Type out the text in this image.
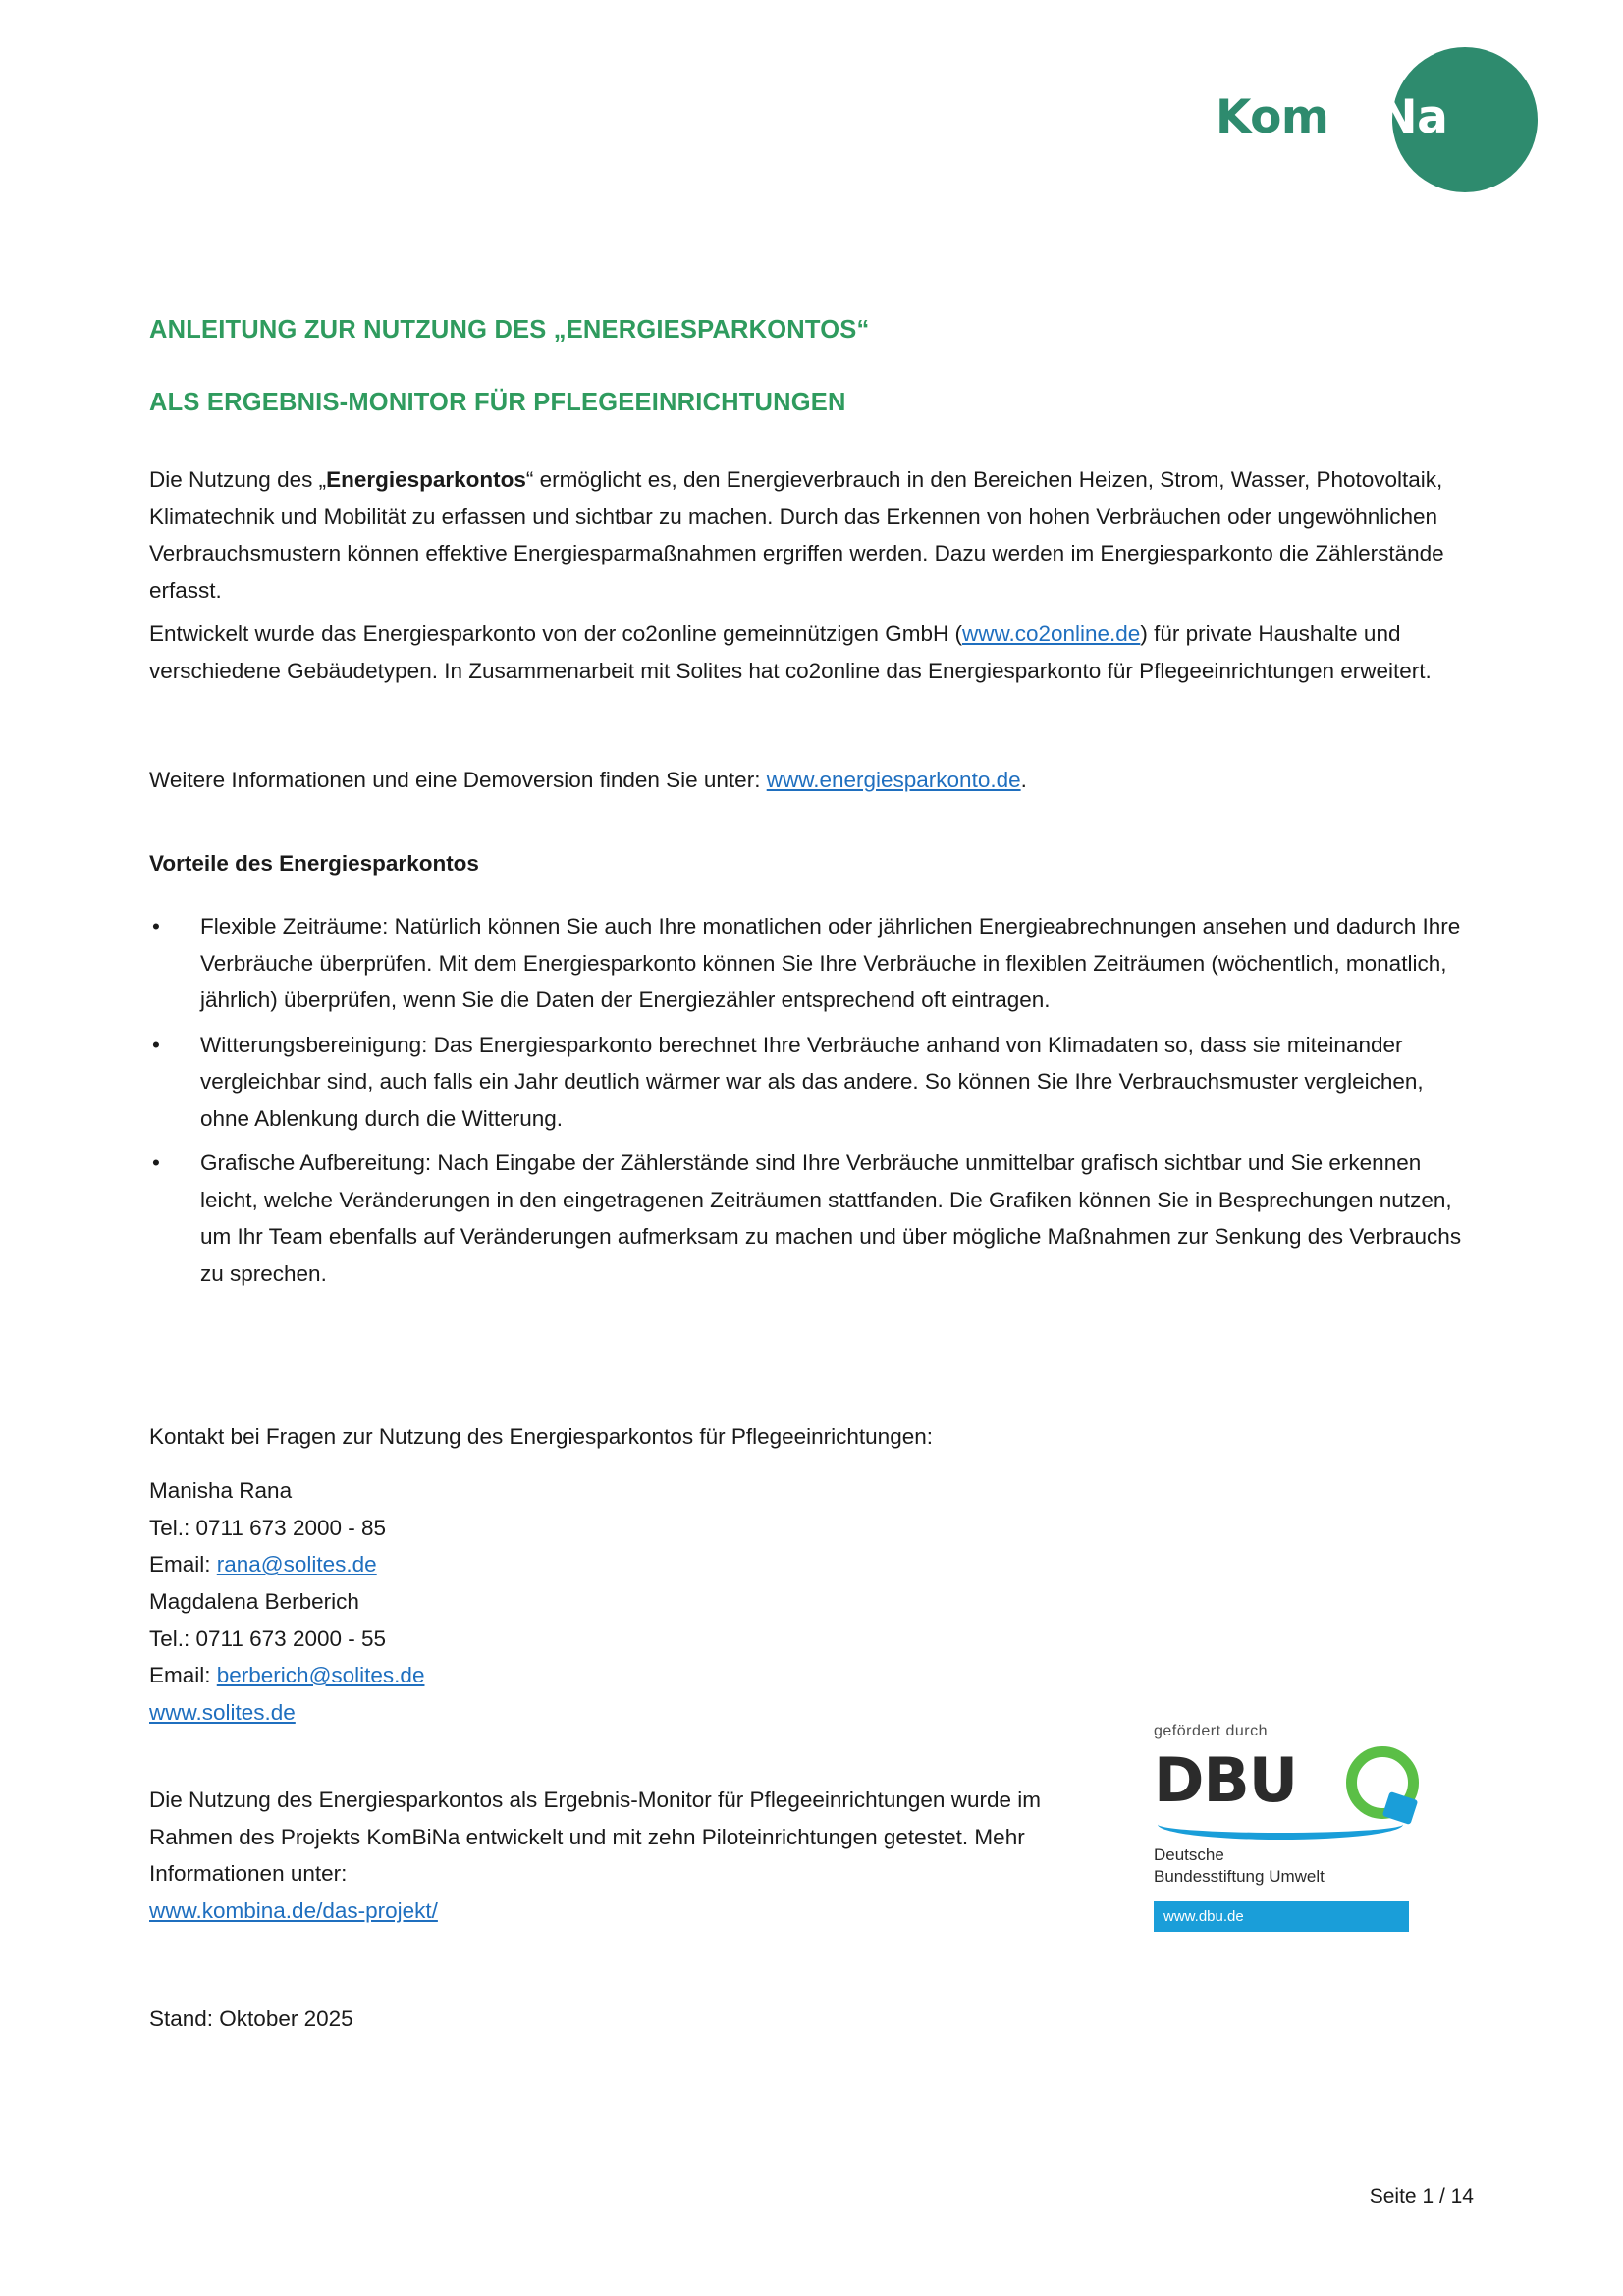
KomBiNa
ANLEITUNG ZUR NUTZUNG DES „ENERGIESPARKONTOS“
ALS ERGEBNIS-MONITOR FÜR PFLEGEEINRICHTUNGEN
Die Nutzung des „Energiesparkontos“ ermöglicht es, den Energieverbrauch in den Bereichen Heizen, Strom, Wasser, Photovoltaik, Klimatechnik und Mobilität zu erfassen und sichtbar zu machen. Durch das Erkennen von hohen Verbräuchen oder ungewöhnlichen Verbrauchsmustern können effektive Energiesparmaßnahmen ergriffen werden. Dazu werden im Energiesparkonto die Zählerstände erfasst.
Entwickelt wurde das Energiesparkonto von der co2online gemeinnützigen GmbH (www.co2online.de) für private Haushalte und verschiedene Gebäudetypen. In Zusammenarbeit mit Solites hat co2online das Energiesparkonto für Pflegeeinrichtungen erweitert.
Weitere Informationen und eine Demoversion finden Sie unter: www.energiesparkonto.de.
Vorteile des Energiesparkontos
• Flexible Zeiträume: Natürlich können Sie auch Ihre monatlichen oder jährlichen Energieabrechnungen ansehen und dadurch Ihre Verbräuche überprüfen. Mit dem Energiesparkonto können Sie Ihre Verbräuche in flexiblen Zeiträumen (wöchentlich, monatlich, jährlich) überprüfen, wenn Sie die Daten der Energiezähler entsprechend oft eintragen.
• Witterungsbereinigung: Das Energiesparkonto berechnet Ihre Verbräuche anhand von Klimadaten so, dass sie miteinander vergleichbar sind, auch falls ein Jahr deutlich wärmer war als das andere. So können Sie Ihre Verbrauchsmuster vergleichen, ohne Ablenkung durch die Witterung.
• Grafische Aufbereitung: Nach Eingabe der Zählerstände sind Ihre Verbräuche unmittelbar grafisch sichtbar und Sie erkennen leicht, welche Veränderungen in den eingetragenen Zeiträumen stattfanden. Die Grafiken können Sie in Besprechungen nutzen, um Ihr Team ebenfalls auf Veränderungen aufmerksam zu machen und über mögliche Maßnahmen zur Senkung des Verbrauchs zu sprechen.
Kontakt bei Fragen zur Nutzung des Energiesparkontos für Pflegeeinrichtungen:
Manisha Rana
Tel.: 0711 673 2000 - 85
Email: rana@solites.de
Magdalena Berberich
Tel.: 0711 673 2000 - 55
Email: berberich@solites.de
www.solites.de
Die Nutzung des Energiesparkontos als Ergebnis-Monitor für Pflegeeinrichtungen wurde im Rahmen des Projekts KomBiNa entwickelt und mit zehn Piloteinrichtungen getestet. Mehr Informationen unter:
www.kombina.de/das-projekt/
Stand: Oktober 2025
gefördert durch
DBU
Deutsche
Bundesstiftung Umwelt
www.dbu.de
Seite 1 / 14
